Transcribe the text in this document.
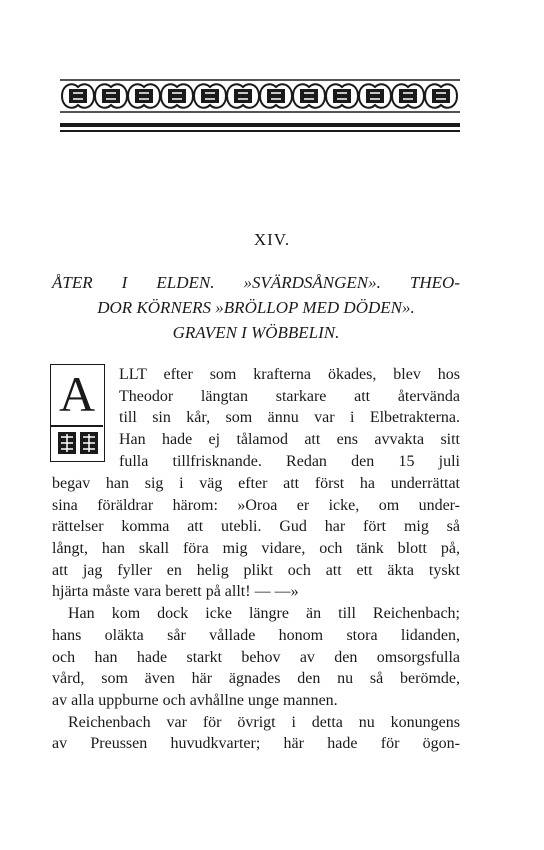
XIV.
ÅTER I ELDEN. »SVÄRDSÅNGEN». THEO-
DOR KÖRNERS »BRÖLLOP MED DÖDEN».
GRAVEN I WÖBBELIN.
A	LLT efter som krafterna ökades, blev hos
Theodor längtan starkare att återvända
till sin kår, som ännu var i Elbetrakterna.
Han hade ej tålamod att ens avvakta sitt
fulla tillfrisknande. Redan den 15 juli
begav han sig i väg efter att först ha underrättat
sina föräldrar härom: »Oroa er icke, om under-
rättelser komma att utebli. Gud har fört mig så
långt, han skall föra mig vidare, och tänk blott på,
att jag fyller en helig plikt och att ett äkta tyskt
hjärta måste vara berett på allt! — —»
Han kom dock icke längre än till Reichenbach;
hans oläkta sår vållade honom stora lidanden,
och han hade starkt behov av den omsorgsfulla
vård, som även här ägnades den nu så berömde,
av alla uppburne och avhållne unge mannen.
Reichenbach var för övrigt i detta nu konungens
av Preussen huvudkvarter; här hade för ögon-
